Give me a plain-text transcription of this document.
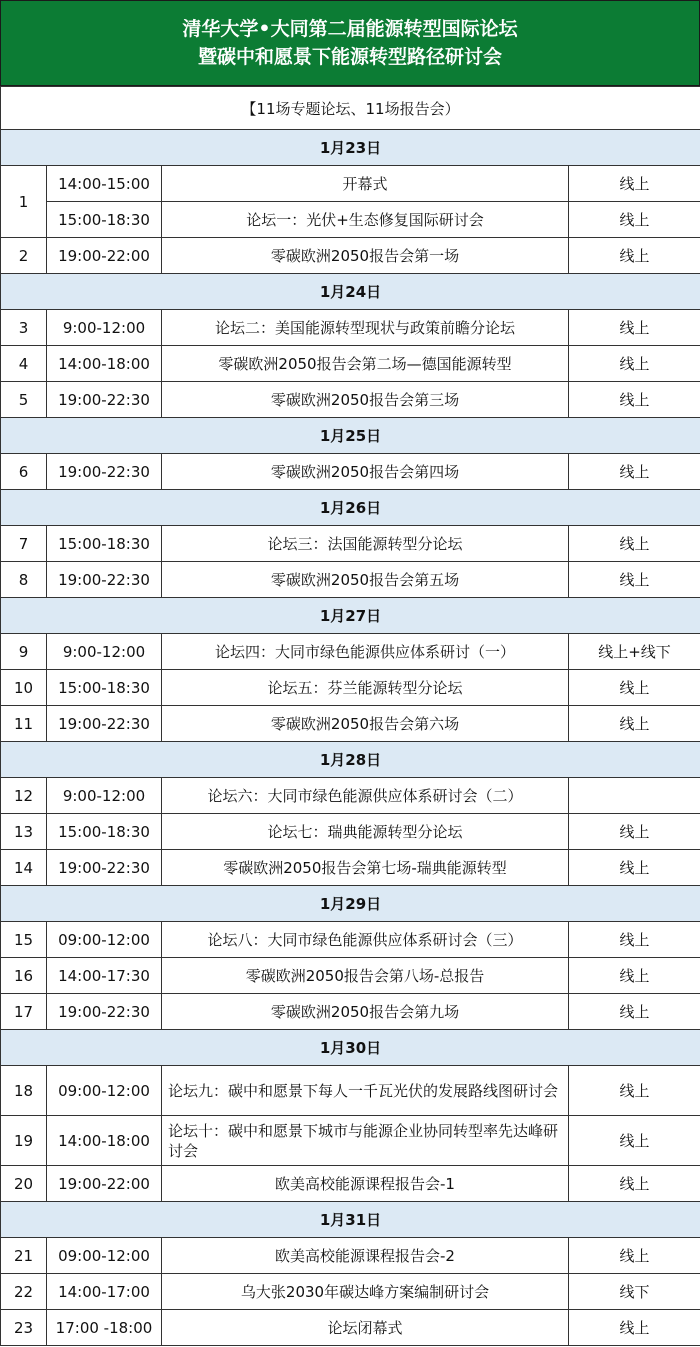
清华大学•大同第二届能源转型国际论坛
暨碳中和愿景下能源转型路径研讨会
【11场专题论坛、11场报告会）			
1月23日			
1	14:00-15:00	开幕式	线上
	15:00-18:30	论坛一：光伏+生态修复国际研讨会	线上
2	19:00-22:00	零碳欧洲2050报告会第一场	线上
1月24日			
3	9:00-12:00	论坛二：美国能源转型现状与政策前瞻分论坛	线上
4	14:00-18:00	零碳欧洲2050报告会第二场—德国能源转型	线上
5	19:00-22:30	零碳欧洲2050报告会第三场	线上
1月25日			
6	19:00-22:30	零碳欧洲2050报告会第四场	线上
1月26日			
7	15:00-18:30	论坛三：法国能源转型分论坛	线上
8	19:00-22:30	零碳欧洲2050报告会第五场	线上
1月27日			
9	9:00-12:00	论坛四：大同市绿色能源供应体系研讨（一）	线上+线下
10	15:00-18:30	论坛五：芬兰能源转型分论坛	线上
11	19:00-22:30	零碳欧洲2050报告会第六场	线上
1月28日			
12	9:00-12:00	论坛六：大同市绿色能源供应体系研讨会（二）	
13	15:00-18:30	论坛七：瑞典能源转型分论坛	线上
14	19:00-22:30	零碳欧洲2050报告会第七场-瑞典能源转型	线上
1月29日			
15	09:00-12:00	论坛八：大同市绿色能源供应体系研讨会（三）	线上
16	14:00-17:30	零碳欧洲2050报告会第八场-总报告	线上
17	19:00-22:30	零碳欧洲2050报告会第九场	线上
1月30日			
18	09:00-12:00	论坛九：碳中和愿景下每人一千瓦光伏的发展路线图研讨会	线上
19	14:00-18:00	论坛十：碳中和愿景下城市与能源企业协同转型率先达峰研讨会	线上
20	19:00-22:00	欧美高校能源课程报告会-1	线上
1月31日			
21	09:00-12:00	欧美高校能源课程报告会-2	线上
22	14:00-17:00	乌大张2030年碳达峰方案编制研讨会	线下
23	17:00 -18:00	论坛闭幕式	线上
